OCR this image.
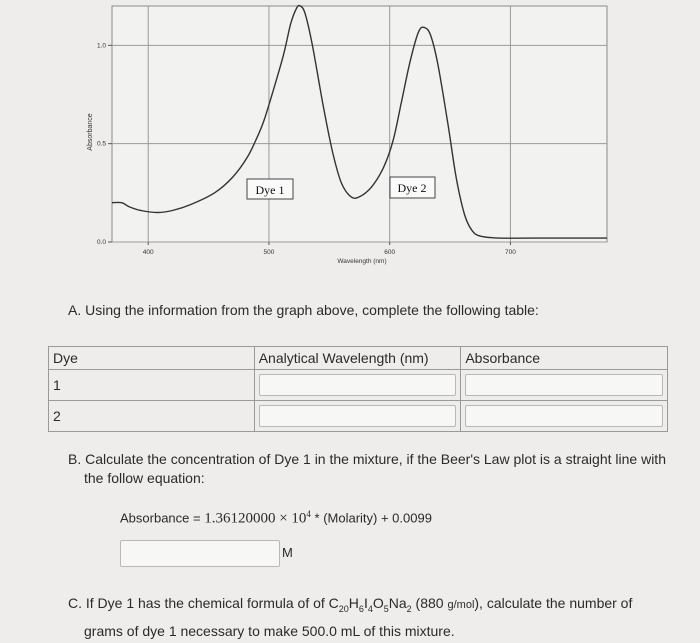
400	500	600	700
0.0
0.5
1.0
Absorbance
Wavelength (nm)
Dye 1	Dye 2
A. Using the information from the graph above, complete the following table:
Dye	Analytical Wavelength (nm)	Absorbance
1	

2	

B. Calculate the concentration of Dye 1 in the mixture, if the Beer's Law plot is a straight line with
the follow equation:
Absorbance = $1.36120000 \times 10^4$ * (Molarity) + 0.0099
M
C. If Dye 1 has the chemical formula of of $C_{20}H_6I_4O_5Na_2$ (880 g/mol), calculate the number of
grams of dye 1 necessary to make 500.0 mL of this mixture.
